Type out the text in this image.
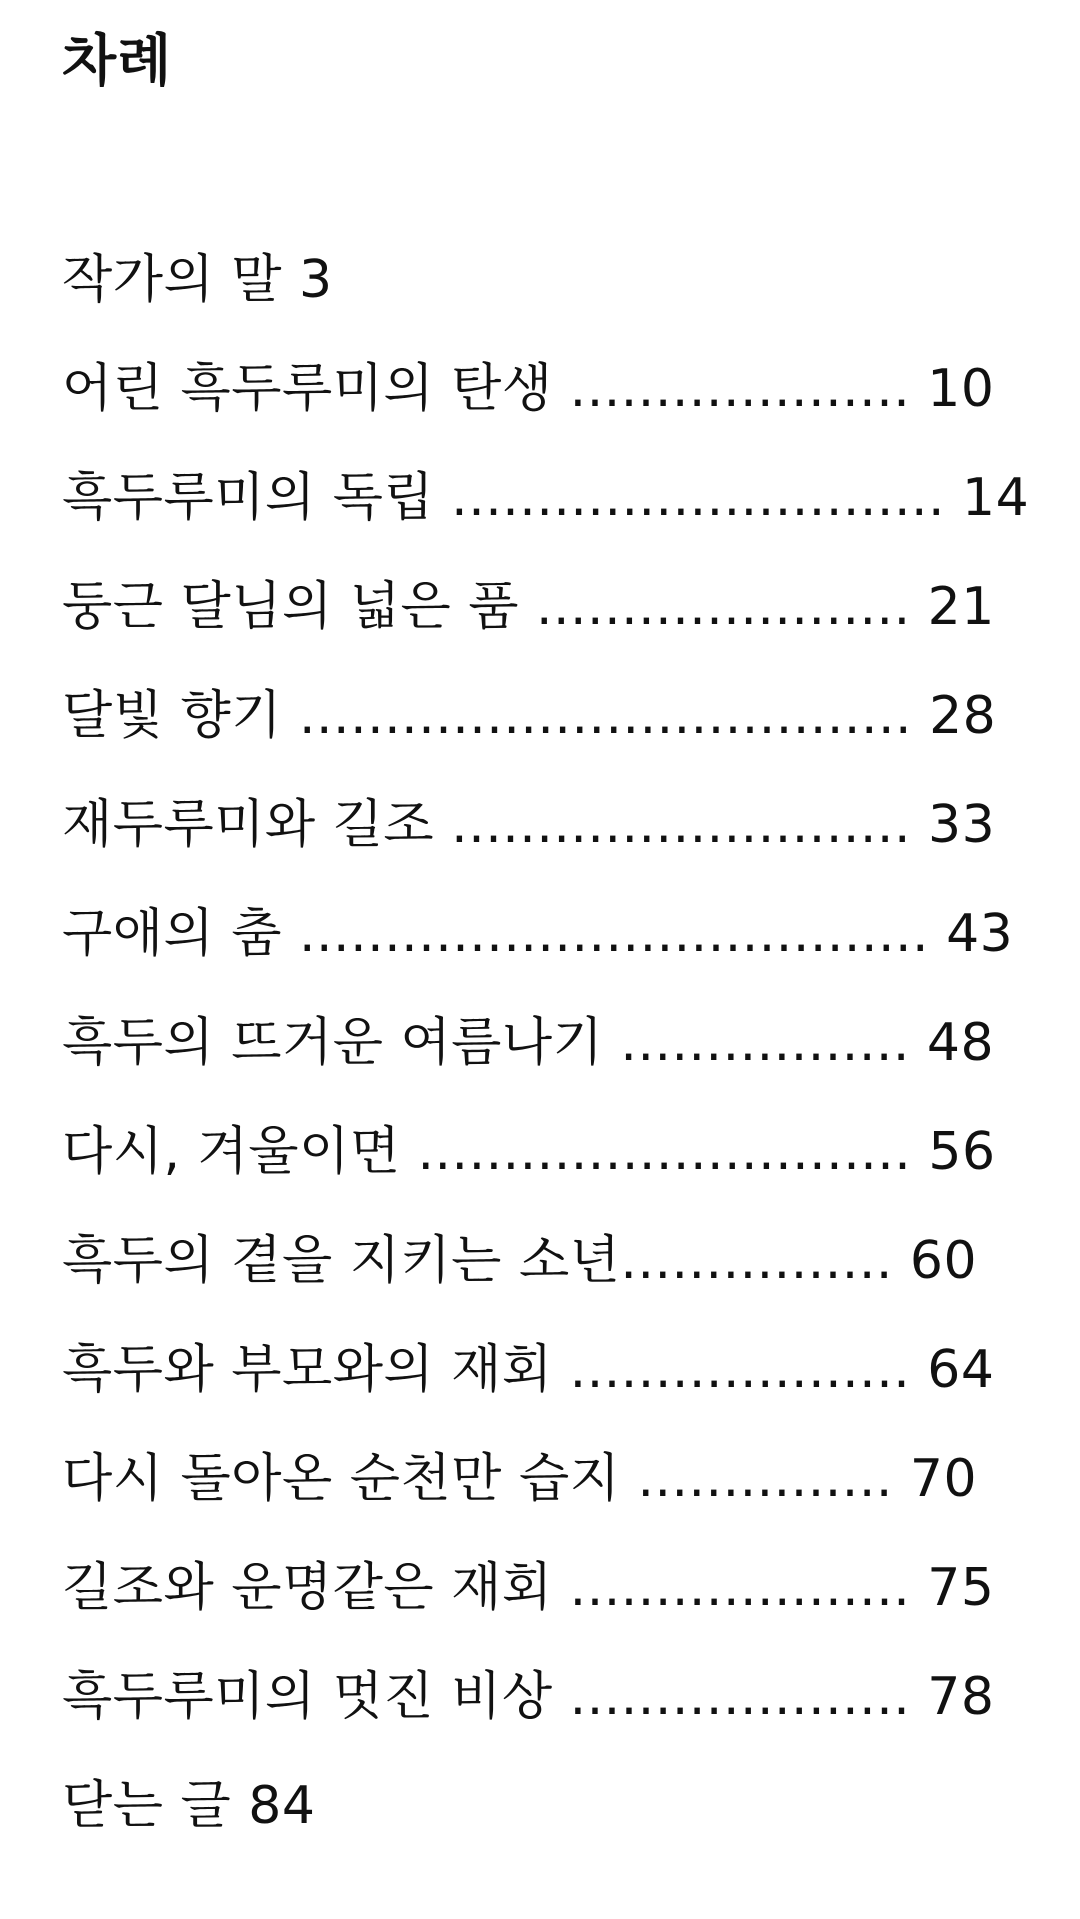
차례
작가의 말 3
어린 흑두루미의 탄생 .................... 10
흑두루미의 독립 ............................. 14
둥근 달님의 넓은 품 ...................... 21
달빛 향기 .................................... 28
재두루미와 길조 ........................... 33
구애의 춤 ..................................... 43
흑두의 뜨거운 여름나기 ................. 48
다시, 겨울이면 ............................. 56
흑두의 곁을 지키는 소년................ 60
흑두와 부모와의 재회 .................... 64
다시 돌아온 순천만 습지 ............... 70
길조와 운명같은 재회 .................... 75
흑두루미의 멋진 비상 .................... 78
닫는 글 84
